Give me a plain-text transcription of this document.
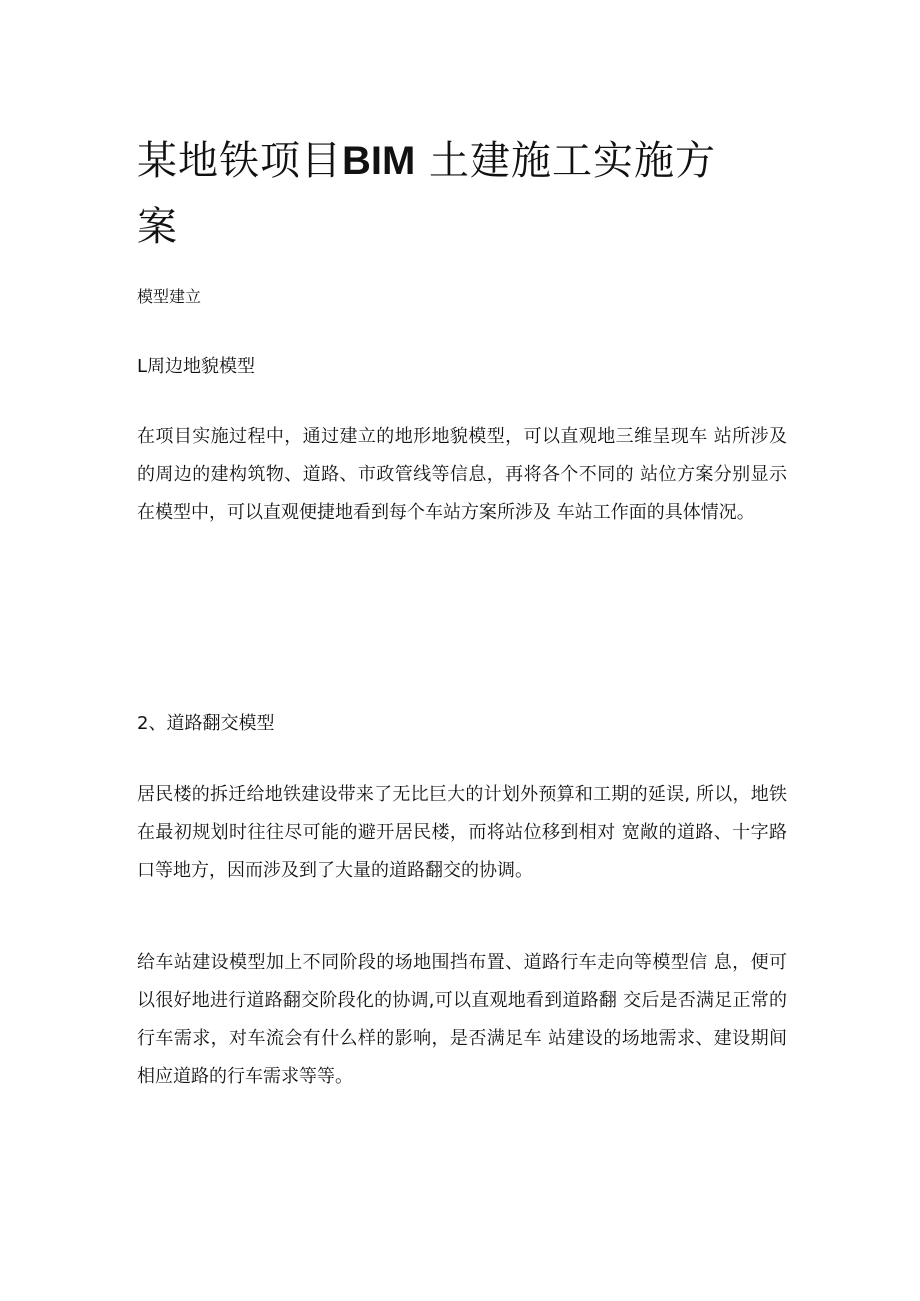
某地铁项目BIM 土建施工实施方案

模型建立

L周边地貌模型

在项目实施过程中，通过建立的地形地貌模型，可以直观地三维呈现车 站所涉及的周边的建构筑物、道路、市政管线等信息，再将各个不同的 站位方案分别显示在模型中，可以直观便捷地看到每个车站方案所涉及 车站工作面的具体情况。

2、道路翻交模型

居民楼的拆迁给地铁建设带来了无比巨大的计划外预算和工期的延误, 所以，地铁在最初规划时往往尽可能的避开居民楼，而将站位移到相对 宽敞的道路、十字路口等地方，因而涉及到了大量的道路翻交的协调。

给车站建设模型加上不同阶段的场地围挡布置、道路行车走向等模型信 息，便可以很好地进行道路翻交阶段化的协调,可以直观地看到道路翻 交后是否满足正常的行车需求，对车流会有什么样的影响，是否满足车 站建设的场地需求、建设期间相应道路的行车需求等等。
